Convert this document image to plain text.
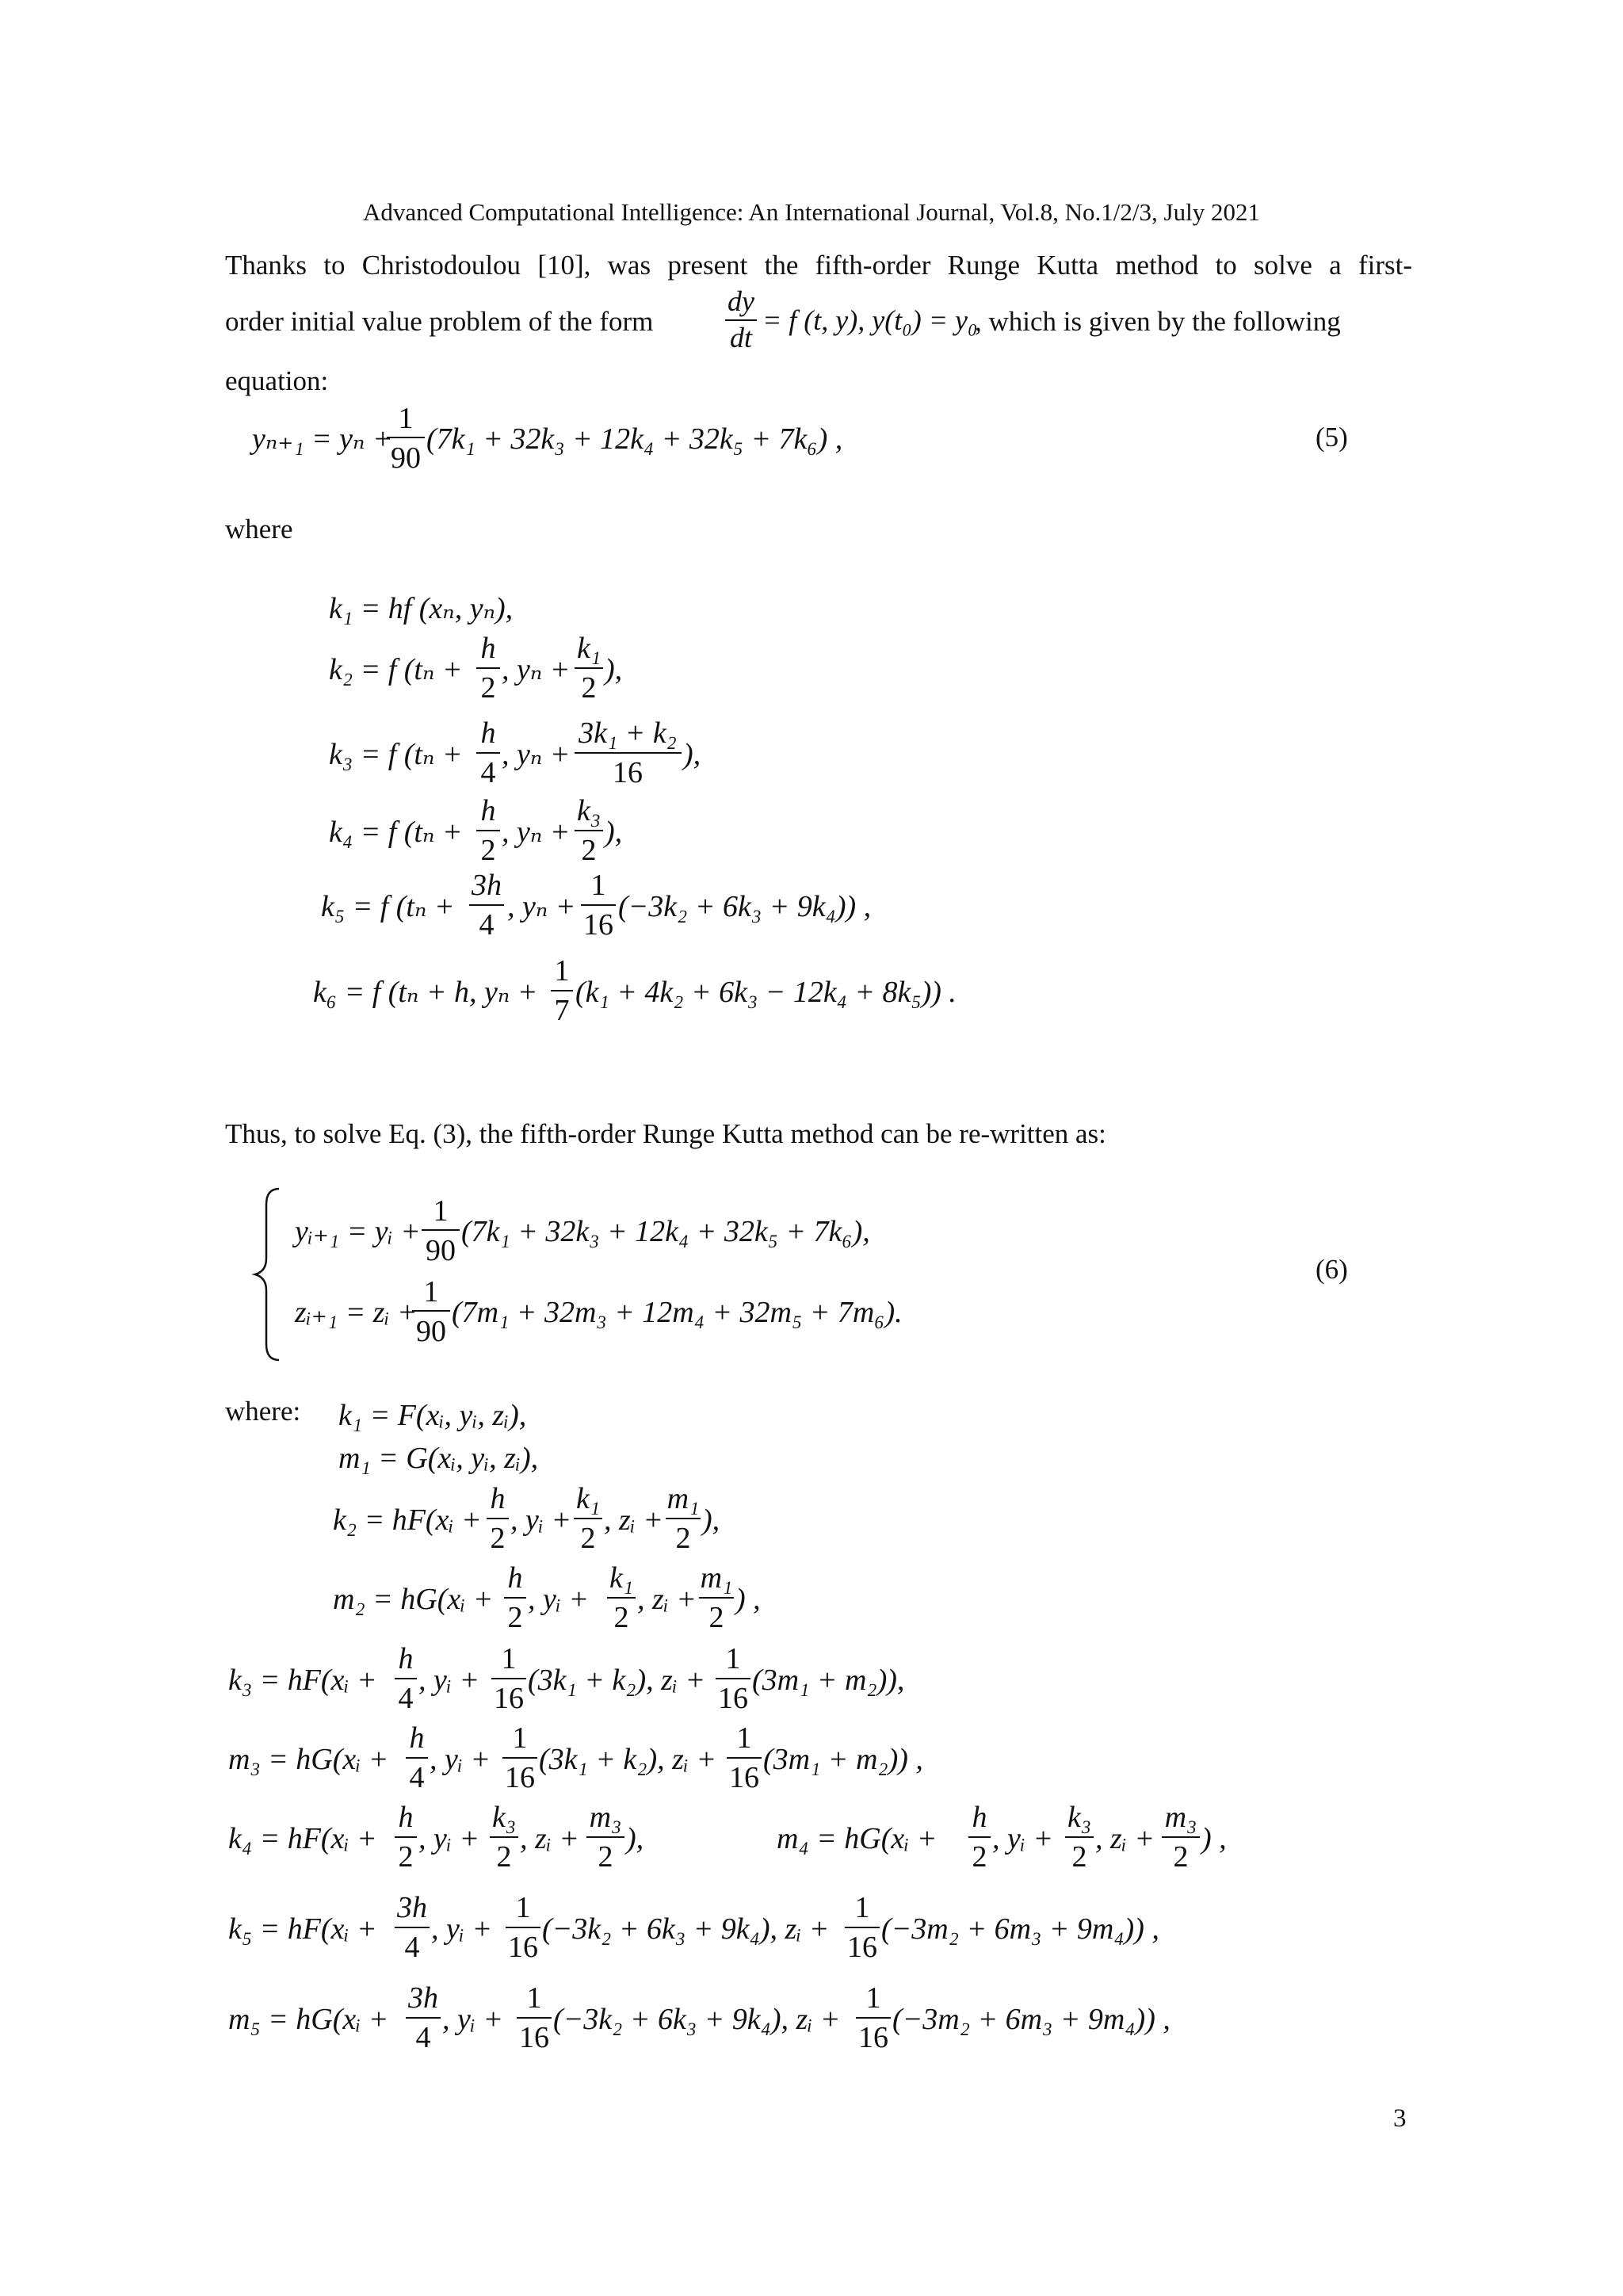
Advanced Computational Intelligence: An International Journal, Vol.8, No.1/2/3, July 2021
Thanks to Christodoulou [10], was present the fifth-order Runge Kutta method to solve a first-
order initial value problem of the form	, which is given by the following
equation:
dy
dt
= f (t, y), y(t₀) = y₀
yₙ₊₁ = yₙ +
1
90
(7k₁ + 32k₃ + 12k₄ + 32k₅ + 7k₆) ,
k₁ = hf (xₙ, yₙ),
k₂ = f (tₙ +
h
2
, yₙ +
k₁
2
),
k₃ = f (tₙ +
h
4
, yₙ +
3k₁ + k₂
16
),
k₄ = f (tₙ +
h
2
, yₙ +
k₃
2
),
k₅ = f (tₙ +
3h
4
, yₙ +
1
16
(−3k₂ + 6k₃ + 9k₄)) ,
k₆ = f (tₙ + h, yₙ +
1
7
(k₁ + 4k₂ + 6k₃ − 12k₄ + 8k₅)) .
yᵢ₊₁ = yᵢ +
1
90
(7k₁ + 32k₃ + 12k₄ + 32k₅ + 7k₆),
zᵢ₊₁ = zᵢ +
1
90
(7m₁ + 32m₃ + 12m₄ + 32m₅ + 7m₆).
k₁ = F(xᵢ, yᵢ, zᵢ),
m₁ = G(xᵢ, yᵢ, zᵢ),
k₂ = hF(xᵢ +
h
2
, yᵢ +
k₁
2
, zᵢ +
m₁
2
),
m₂ = hG(xᵢ +
h
2
, yᵢ +
k₁
2
, zᵢ +
m₁
2
) ,
k₃ = hF(xᵢ +
h
4
, yᵢ +
1
16
(3k₁ + k₂), zᵢ +
1
16
(3m₁ + m₂)),
m₃ = hG(xᵢ +
h
4
, yᵢ +
1
16
(3k₁ + k₂), zᵢ +
1
16
(3m₁ + m₂)) ,
k₄ = hF(xᵢ +
h
2
, yᵢ +
k₃
2
, zᵢ +
m₃
2
),	m₄ = hG(xᵢ +
h
2
, yᵢ +
k₃
2
, zᵢ +
m₃
2
) ,
k₅ = hF(xᵢ +
3h
4
, yᵢ +
1
16
(−3k₂ + 6k₃ + 9k₄), zᵢ +
1
16
(−3m₂ + 6m₃ + 9m₄)) ,
m₅ = hG(xᵢ +
3h
4
, yᵢ +
1
16
(−3k₂ + 6k₃ + 9k₄), zᵢ +
1
16
(−3m₂ + 6m₃ + 9m₄)) ,
(5)
where
Thus, to solve Eq. (3), the fifth-order Runge Kutta method can be re-written as:
(6)
where:
3
